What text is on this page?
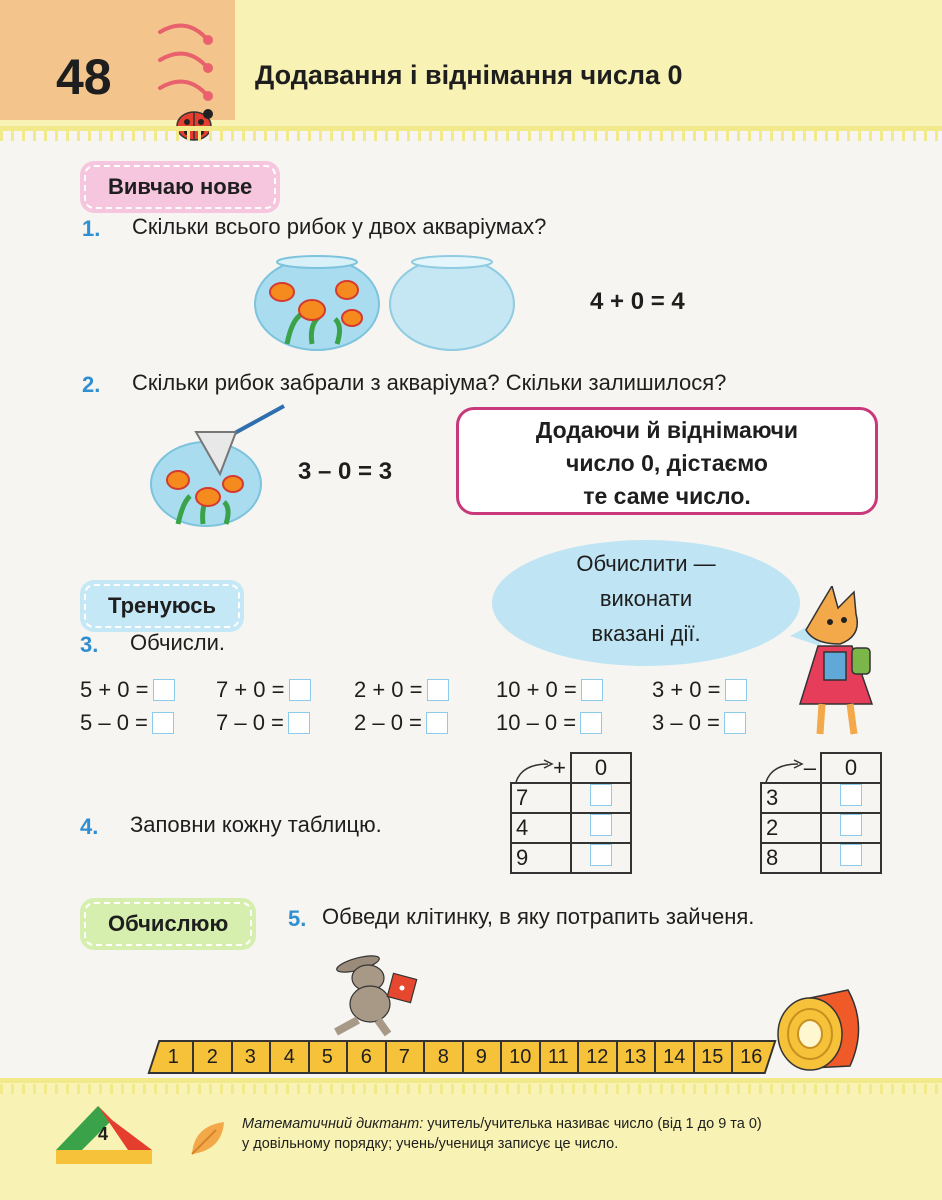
48	Додавання і віднімання числа 0
Вивчаю нове
1. Скільки всього рибок у двох акваріумах?
4 + 0 = 4
2. Скільки рибок забрали з акваріума? Скільки залишилося?
3 – 0 = 3
Додаючи й віднімаючи
число 0, дістаємо
те саме число.
Обчислити —
виконати
вказані дії.
Тренуюсь
3. Обчисли.
5 + 0 =	7 + 0 =	2 + 0 =	10 + 0 =	3 + 0 =
5 – 0 =	7 – 0 =	2 – 0 =	10 – 0 =	3 – 0 =
4. Заповни кожну таблицю.
+	0
7	
4	
9	
–	0
3	
2	
8	
Обчислюю	5. Обведи клітинку, в яку потрапить зайченя.
1	2	3	4	5	6	7	8	9	10 11 12 13 14 15 16
4	Математичний диктант: учитель/учителька називає число (від 1 до 9 та 0)
у довільному порядку; учень/учениця записує це число.
